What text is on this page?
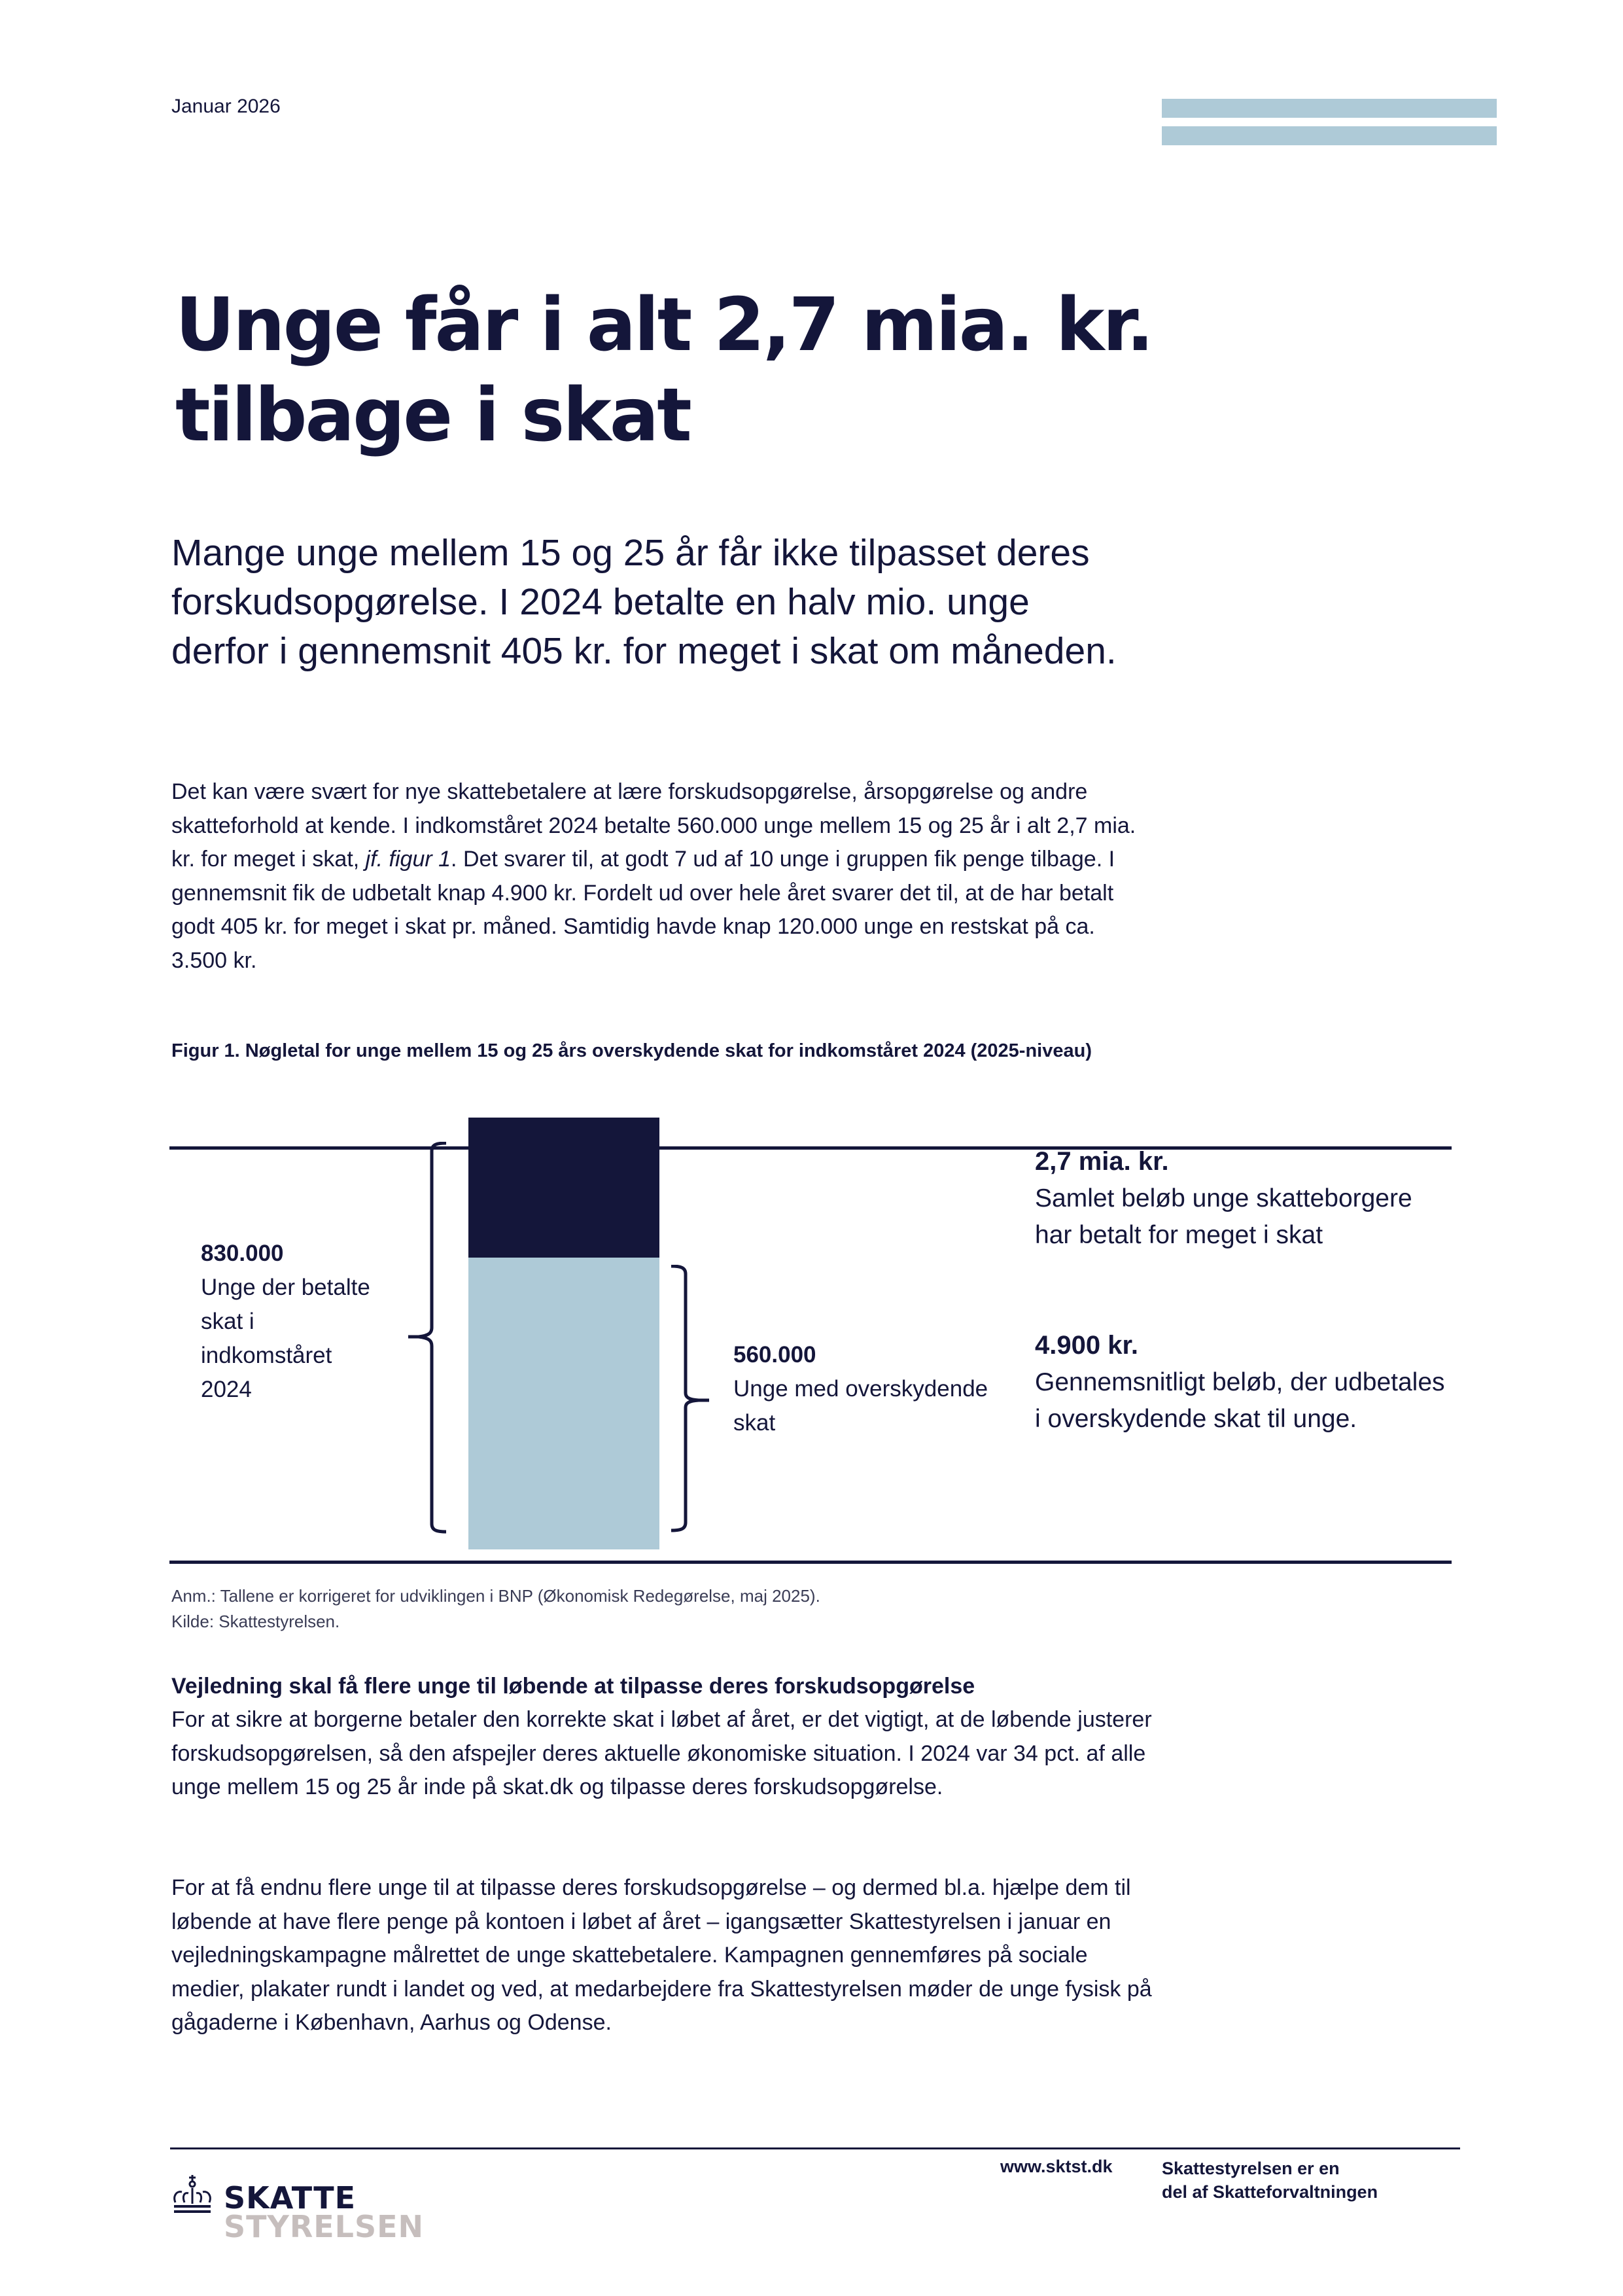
Januar 2026
Unge får i alt 2,7 mia. kr.
tilbage i skat
Mange unge mellem 15 og 25 år får ikke tilpasset deres forskudsopgørelse. I 2024 betalte en halv mio. unge derfor i gennemsnit 405 kr. for meget i skat om måneden.
Det kan være svært for nye skattebetalere at lære forskudsopgørelse, årsopgørelse og andre skatteforhold at kende. I indkomståret 2024 betalte 560.000 unge mellem 15 og 25 år i alt 2,7 mia. kr. for meget i skat, jf. figur 1. Det svarer til, at godt 7 ud af 10 unge i gruppen fik penge tilbage. I gennemsnit fik de udbetalt knap 4.900 kr. Fordelt ud over hele året svarer det til, at de har betalt godt 405 kr. for meget i skat pr. måned. Samtidig havde knap 120.000 unge en restskat på ca. 3.500 kr.
Figur 1. Nøgletal for unge mellem 15 og 25 års overskydende skat for indkomståret 2024 (2025-niveau)
830.000
Unge der betalte skat i indkomståret 2024
560.000
Unge med overskydende skat
2,7 mia. kr.
Samlet beløb unge skatteborgere har betalt for meget i skat
4.900 kr.
Gennemsnitligt beløb, der udbetales i overskydende skat til unge.
Anm.: Tallene er korrigeret for udviklingen i BNP (Økonomisk Redegørelse, maj 2025).
Kilde: Skattestyrelsen.
Vejledning skal få flere unge til løbende at tilpasse deres forskudsopgørelse
For at sikre at borgerne betaler den korrekte skat i løbet af året, er det vigtigt, at de løbende justerer forskudsopgørelsen, så den afspejler deres aktuelle økonomiske situation. I 2024 var 34 pct. af alle unge mellem 15 og 25 år inde på skat.dk og tilpasse deres forskudsopgørelse.
For at få endnu flere unge til at tilpasse deres forskudsopgørelse – og dermed bl.a. hjælpe dem til løbende at have flere penge på kontoen i løbet af året – igangsætter Skattestyrelsen i januar en vejledningskampagne målrettet de unge skattebetalere. Kampagnen gennemføres på sociale medier, plakater rundt i landet og ved, at medarbejdere fra Skattestyrelsen møder de unge fysisk på gågaderne i København, Aarhus og Odense.
SKATTE
STYRELSEN
www.sktst.dk	Skattestyrelsen er en
del af Skatteforvaltningen
